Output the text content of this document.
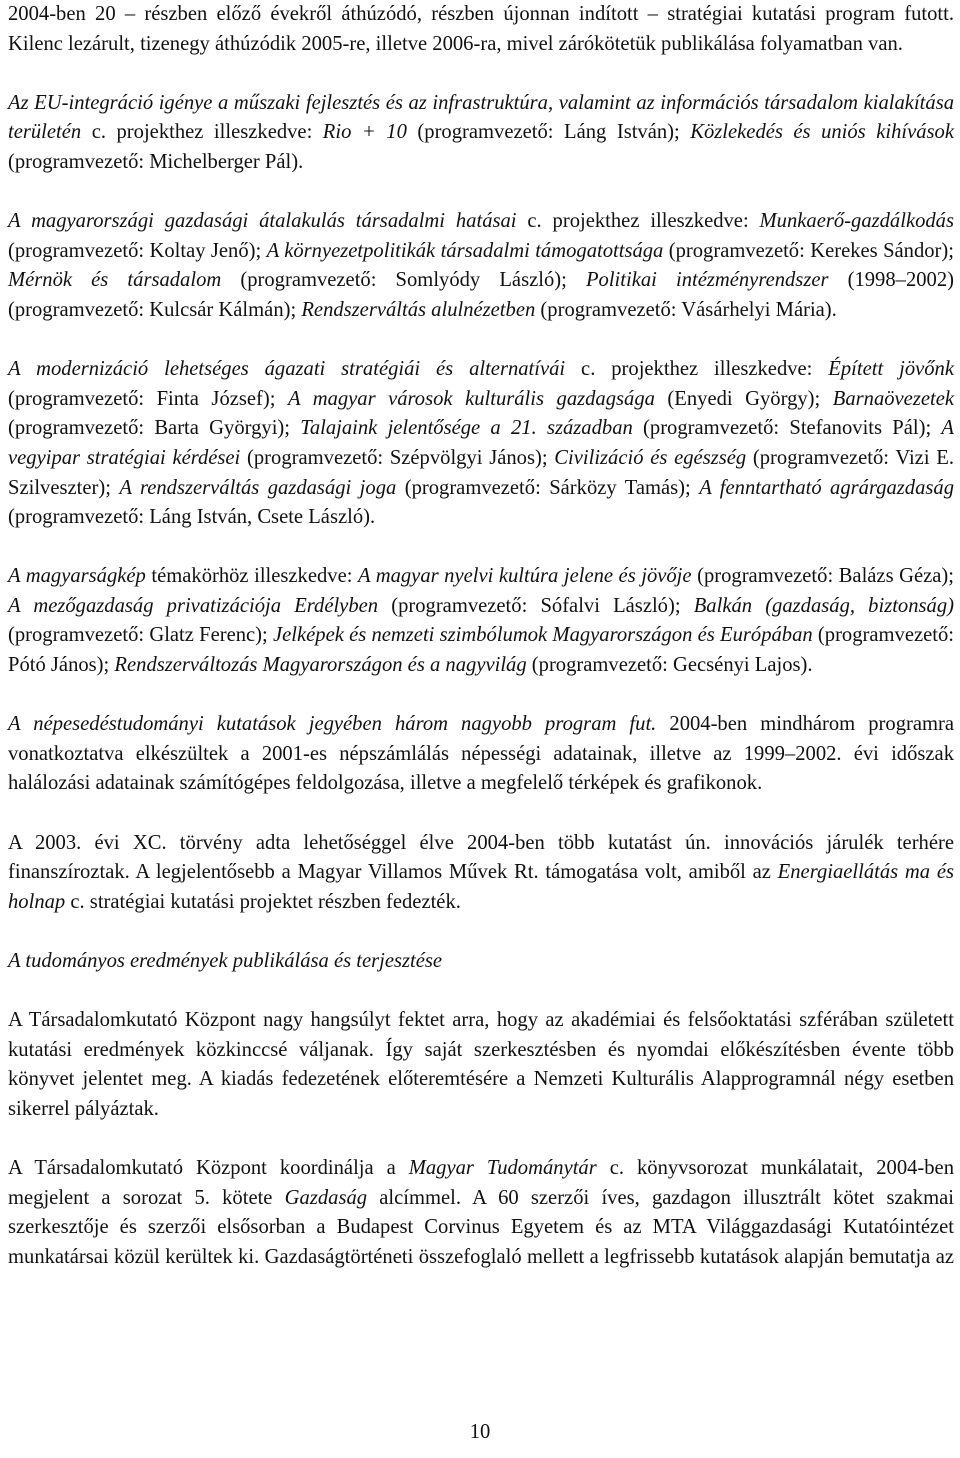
2004-ben 20 – részben előző évekről áthúzódó, részben újonnan indított – stratégiai kutatási program futott. Kilenc lezárult, tizenegy áthúzódik 2005-re, illetve 2006-ra, mivel zárókötetük publikálása folyamatban van.

Az EU-integráció igénye a műszaki fejlesztés és az infrastruktúra, valamint az információs társadalom kialakítása területén c. projekthez illeszkedve: Rio + 10 (programvezető: Láng István); Közlekedés és uniós kihívások (programvezető: Michelberger Pál).

A magyarországi gazdasági átalakulás társadalmi hatásai c. projekthez illeszkedve: Munkaerő-gazdálkodás (programvezető: Koltay Jenő); A környezetpolitikák társadalmi támogatottsága (programvezető: Kerekes Sándor); Mérnök és társadalom (programvezető: Somlyódy László); Politikai intézményrendszer (1998–2002) (programvezető: Kulcsár Kálmán); Rendszerváltás alulnézetben (programvezető: Vásárhelyi Mária).

A modernizáció lehetséges ágazati stratégiái és alternatívái c. projekthez illeszkedve: Épített jövőnk (programvezető: Finta József); A magyar városok kulturális gazdagsága (Enyedi György); Barnaövezetek (programvezető: Barta Györgyi); Talajaink jelentősége a 21. században (programvezető: Stefanovits Pál); A vegyipar stratégiai kérdései (programvezető: Szépvölgyi János); Civilizáció és egészség (programvezető: Vizi E. Szilveszter); A rendszerváltás gazdasági joga (programvezető: Sárközy Tamás); A fenntartható agrárgazdaság (programvezető: Láng István, Csete László).

A magyarságkép témakörhöz illeszkedve: A magyar nyelvi kultúra jelene és jövője (programvezető: Balázs Géza); A mezőgazdaság privatizációja Erdélyben (programvezető: Sófalvi László); Balkán (gazdaság, biztonság) (programvezető: Glatz Ferenc); Jelképek és nemzeti szimbólumok Magyarországon és Európában (programvezető: Pótó János); Rendszerváltozás Magyarországon és a nagyvilág (programvezető: Gecsényi Lajos).

A népesedéstudományi kutatások jegyében három nagyobb program fut. 2004-ben mindhárom programra vonatkoztatva elkészültek a 2001-es népszámlálás népességi adatainak, illetve az 1999–2002. évi időszak halálozási adatainak számítógépes feldolgozása, illetve a megfelelő térképek és grafikonok.

A 2003. évi XC. törvény adta lehetőséggel élve 2004-ben több kutatást ún. innovációs járulék terhére finanszíroztak. A legjelentősebb a Magyar Villamos Művek Rt. támogatása volt, amiből az Energiaellátás ma és holnap c. stratégiai kutatási projektet részben fedezték.

A tudományos eredmények publikálása és terjesztése

A Társadalomkutató Központ nagy hangsúlyt fektet arra, hogy az akadémiai és felsőoktatási szférában született kutatási eredmények közkinccsé váljanak. Így saját szerkesztésben és nyomdai előkészítésben évente több könyvet jelentet meg. A kiadás fedezetének előteremtésére a Nemzeti Kulturális Alapprogramnál négy esetben sikerrel pályáztak.

A Társadalomkutató Központ koordinálja a Magyar Tudománytár c. könyvsorozat munkálatait, 2004-ben megjelent a sorozat 5. kötete Gazdaság alcímmel. A 60 szerzői íves, gazdagon illusztrált kötet szakmai szerkesztője és szerzői elsősorban a Budapest Corvinus Egyetem és az MTA Világgazdasági Kutatóintézet munkatársai közül kerültek ki. Gazdaságtörténeti összefoglaló mellett a legfrissebb kutatások alapján bemutatja az

10
